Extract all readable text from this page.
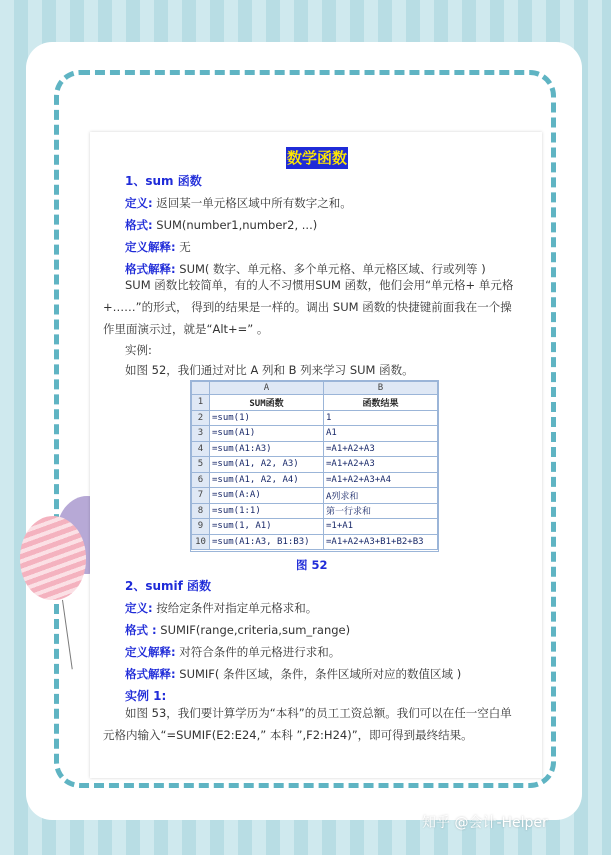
数学函数
1、sum 函数
定义: 返回某一单元格区域中所有数字之和。
格式: SUM(number1,number2, ...)
定义解释: 无
格式解释: SUM( 数字、单元格、多个单元格、单元格区域、行或列等 )
SUM 函数比较简单，有的人不习惯用SUM 函数，他们会用“单元格+ 单元格+……”的形式， 得到的结果是一样的。调出 SUM 函数的快捷键前面我在一个操作里面演示过，就是“Alt+=” 。
实例:
如图 52，我们通过对比 A 列和 B 列来学习 SUM 函数。
	A	B
1	SUM函数	函数结果
2	=sum(1)	1
3	=sum(A1)	A1
4	=sum(A1:A3)	=A1+A2+A3
5	=sum(A1, A2, A3)	=A1+A2+A3
6	=sum(A1, A2, A4)	=A1+A2+A3+A4
7	=sum(A:A)	A列求和
8	=sum(1:1)	第一行求和
9	=sum(1, A1)	=1+A1
10	=sum(A1:A3, B1:B3)	=A1+A2+A3+B1+B2+B3
图 52
2、sumif 函数
定义: 按给定条件对指定单元格求和。
格式 : SUMIF(range,criteria,sum_range)
定义解释: 对符合条件的单元格进行求和。
格式解释: SUMIF( 条件区域，条件，条件区域所对应的数值区域 )
实例 1:
如图 53，我们要计算学历为“本科”的员工工资总额。我们可以在任一空白单元格内输入“=SUMIF(E2:E24,” 本科 ”,F2:H24)”，即可得到最终结果。
知乎 @会计-Helper
